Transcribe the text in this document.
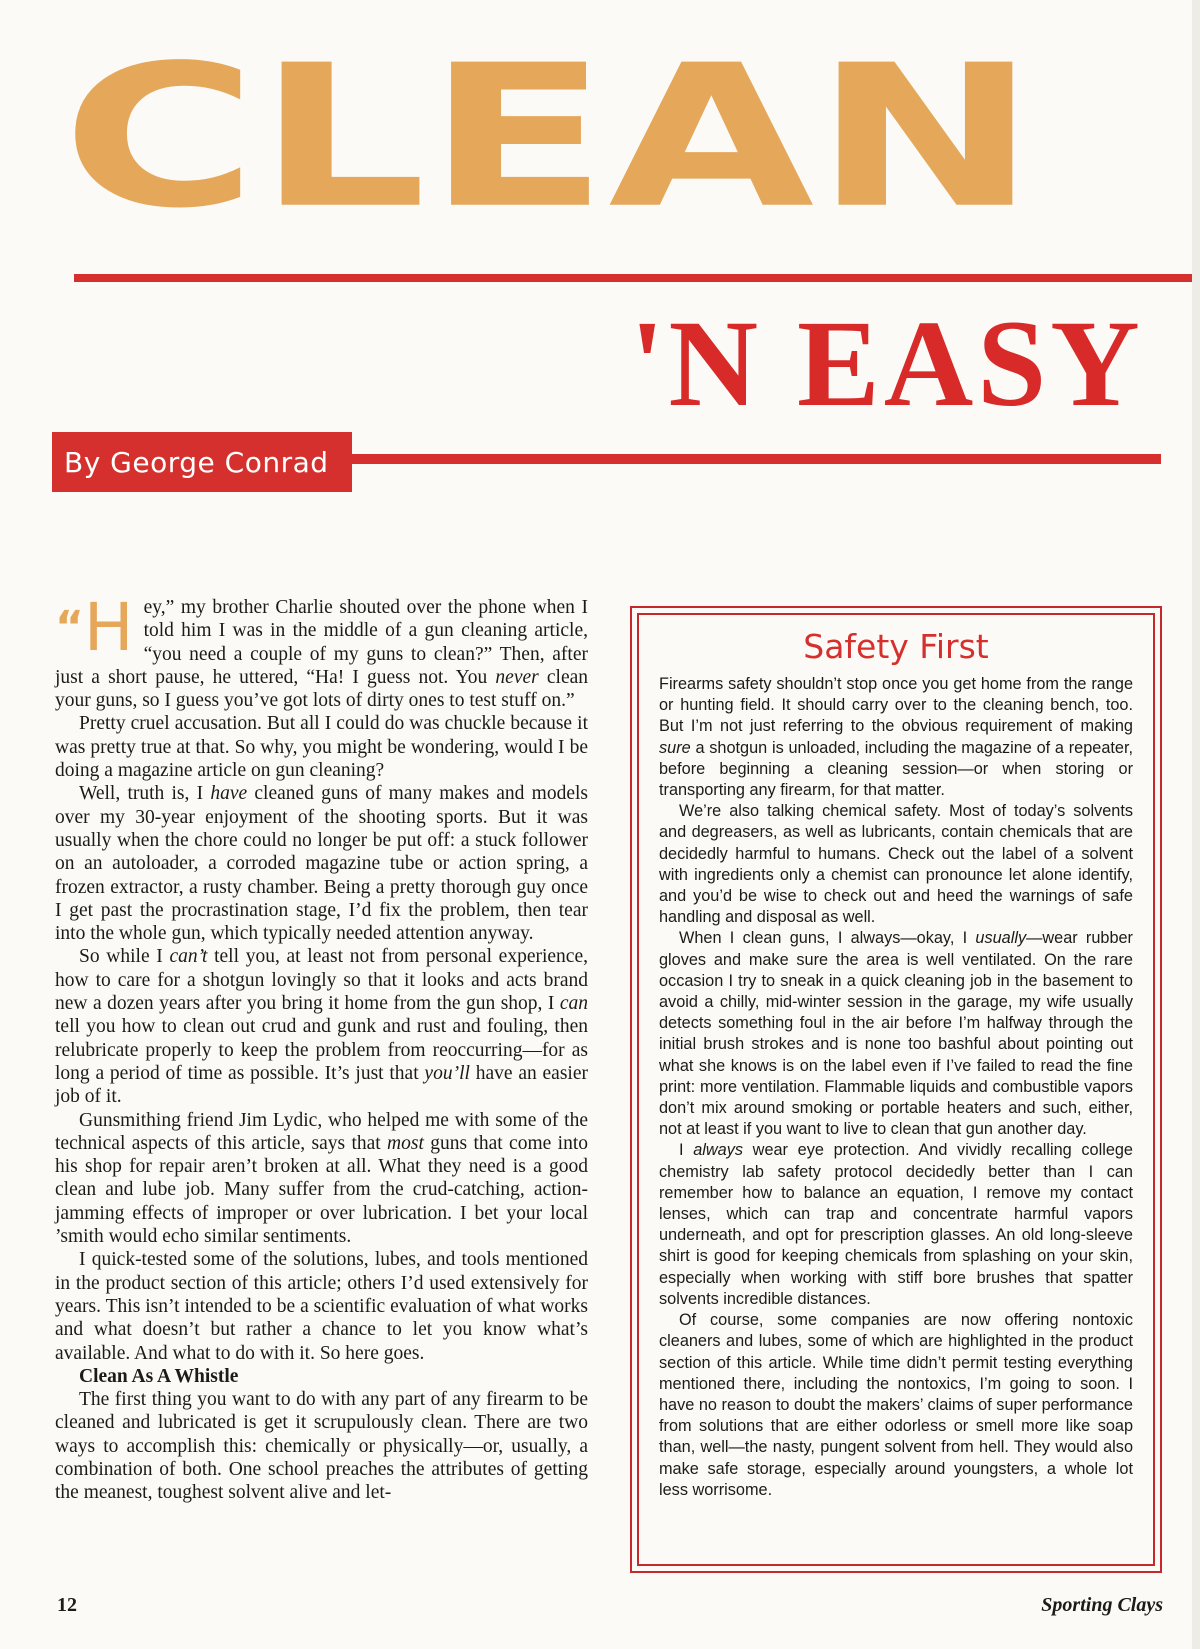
CLEAN
'N EASY
By George Conrad

“H ey,” my brother Charlie shouted over the phone when I told him I was in the middle of a gun cleaning article, “you need a couple of my guns to clean?” Then, after just a short pause, he uttered, “Ha! I guess not. You never clean your guns, so I guess you’ve got lots of dirty ones to test stuff on.”

Pretty cruel accusation. But all I could do was chuckle because it was pretty true at that. So why, you might be wondering, would I be doing a magazine article on gun cleaning?

Well, truth is, I have cleaned guns of many makes and models over my 30-year enjoyment of the shooting sports. But it was usually when the chore could no longer be put off: a stuck follower on an autoloader, a corroded magazine tube or action spring, a frozen extractor, a rusty chamber. Being a pretty thorough guy once I get past the procrastination stage, I’d fix the problem, then tear into the whole gun, which typically needed attention anyway.

So while I can’t tell you, at least not from personal experience, how to care for a shotgun lovingly so that it looks and acts brand new a dozen years after you bring it home from the gun shop, I can tell you how to clean out crud and gunk and rust and fouling, then relubricate properly to keep the problem from reoccurring—for as long a period of time as possible. It’s just that you’ll have an easier job of it.

Gunsmithing friend Jim Lydic, who helped me with some of the technical aspects of this article, says that most guns that come into his shop for repair aren’t broken at all. What they need is a good clean and lube job. Many suffer from the crud-catching, action-jamming effects of improper or over lubrication. I bet your local ’smith would echo similar sentiments.

I quick-tested some of the solutions, lubes, and tools mentioned in the product section of this article; others I’d used extensively for years. This isn’t intended to be a scientific evaluation of what works and what doesn’t but rather a chance to let you know what’s available. And what to do with it. So here goes.

Clean As A Whistle

The first thing you want to do with any part of any firearm to be cleaned and lubricated is get it scrupulously clean. There are two ways to accomplish this: chemically or physically—or, usually, a combination of both. One school preaches the attributes of getting the meanest, toughest solvent alive and let-

Safety First

Firearms safety shouldn’t stop once you get home from the range or hunting field. It should carry over to the cleaning bench, too. But I’m not just referring to the obvious requirement of making sure a shotgun is unloaded, including the magazine of a repeater, before beginning a cleaning session—or when storing or transporting any firearm, for that matter.

We’re also talking chemical safety. Most of today’s solvents and degreasers, as well as lubricants, contain chemicals that are decidedly harmful to humans. Check out the label of a solvent with ingredients only a chemist can pronounce let alone identify, and you’d be wise to check out and heed the warnings of safe handling and disposal as well.

When I clean guns, I always—okay, I usually—wear rubber gloves and make sure the area is well ventilated. On the rare occasion I try to sneak in a quick cleaning job in the basement to avoid a chilly, mid-winter session in the garage, my wife usually detects something foul in the air before I’m halfway through the initial brush strokes and is none too bashful about pointing out what she knows is on the label even if I’ve failed to read the fine print: more ventilation. Flammable liquids and combustible vapors don’t mix around smoking or portable heaters and such, either, not at least if you want to live to clean that gun another day.

I always wear eye protection. And vividly recalling college chemistry lab safety protocol decidedly better than I can remember how to balance an equation, I remove my contact lenses, which can trap and concentrate harmful vapors underneath, and opt for prescription glasses. An old long-sleeve shirt is good for keeping chemicals from splashing on your skin, especially when working with stiff bore brushes that spatter solvents incredible distances.

Of course, some companies are now offering nontoxic cleaners and lubes, some of which are highlighted in the product section of this article. While time didn’t permit testing everything mentioned there, including the nontoxics, I’m going to soon. I have no reason to doubt the makers’ claims of super performance from solutions that are either odorless or smell more like soap than, well—the nasty, pungent solvent from hell. They would also make safe storage, especially around youngsters, a whole lot less worrisome.

12	Sporting Clays
